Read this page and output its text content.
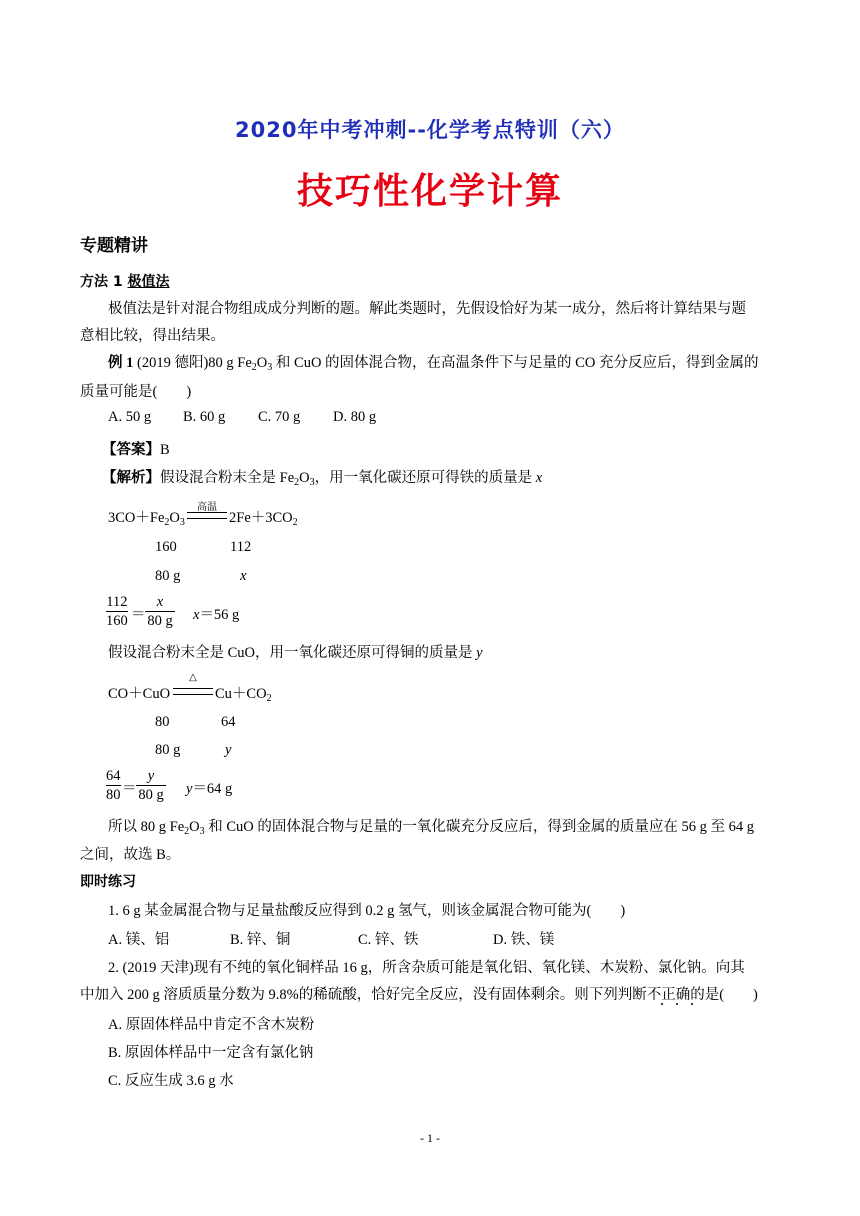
2020年中考冲刺--化学考点特训（六）
技巧性化学计算
专题精讲
方法 1 极值法
极值法是针对混合物组成成分判断的题。解此类题时，先假设恰好为某一成分，然后将计算结果与题
意相比较，得出结果。
例 1 (2019 德阳)80 g $Fe_2O_3$ 和 CuO 的固体混合物，在高温条件下与足量的 CO 充分反应后，得到金属的
质量可能是(　　)
A. 50 g B. 60 g C. 70 g D. 80 g
【答案】B
【解析】假设混合粉末全是 $Fe_2O_3$，用一氧化碳还原可得铁的质量是 x
$3CO+Fe_2O_3$
高温
$2Fe+3CO_2$
160	112
80 g	x
112
160 ＝
x
80 g x＝56 g
假设混合粉末全是 CuO，用一氧化碳还原可得铜的质量是 y
CO＋CuO
△
$Cu+CO_2$
80	64
80 g	y
64
80 ＝
y
80 g y＝64 g
所以 80 g $Fe_2O_3$ 和 CuO 的固体混合物与足量的一氧化碳充分反应后，得到金属的质量应在 56 g 至 64 g
之间，故选 B。
即时练习
1. 6 g 某金属混合物与足量盐酸反应得到 0.2 g 氢气，则该金属混合物可能为(　　)
A. 镁、铝	B. 锌、铜	C. 锌、铁	D. 铁、镁
2. (2019 天津)现有不纯的氧化铜样品 16 g，所含杂质可能是氧化铝、氧化镁、木炭粉、氯化钠。向其
中加入 200 g 溶质质量分数为 9.8%的稀硫酸，恰好完全反应，没有固体剩余。则下列判断不正确的是(　　)
A. 原固体样品中肯定不含木炭粉
B. 原固体样品中一定含有氯化钠
C. 反应生成 3.6 g 水
- 1 -
